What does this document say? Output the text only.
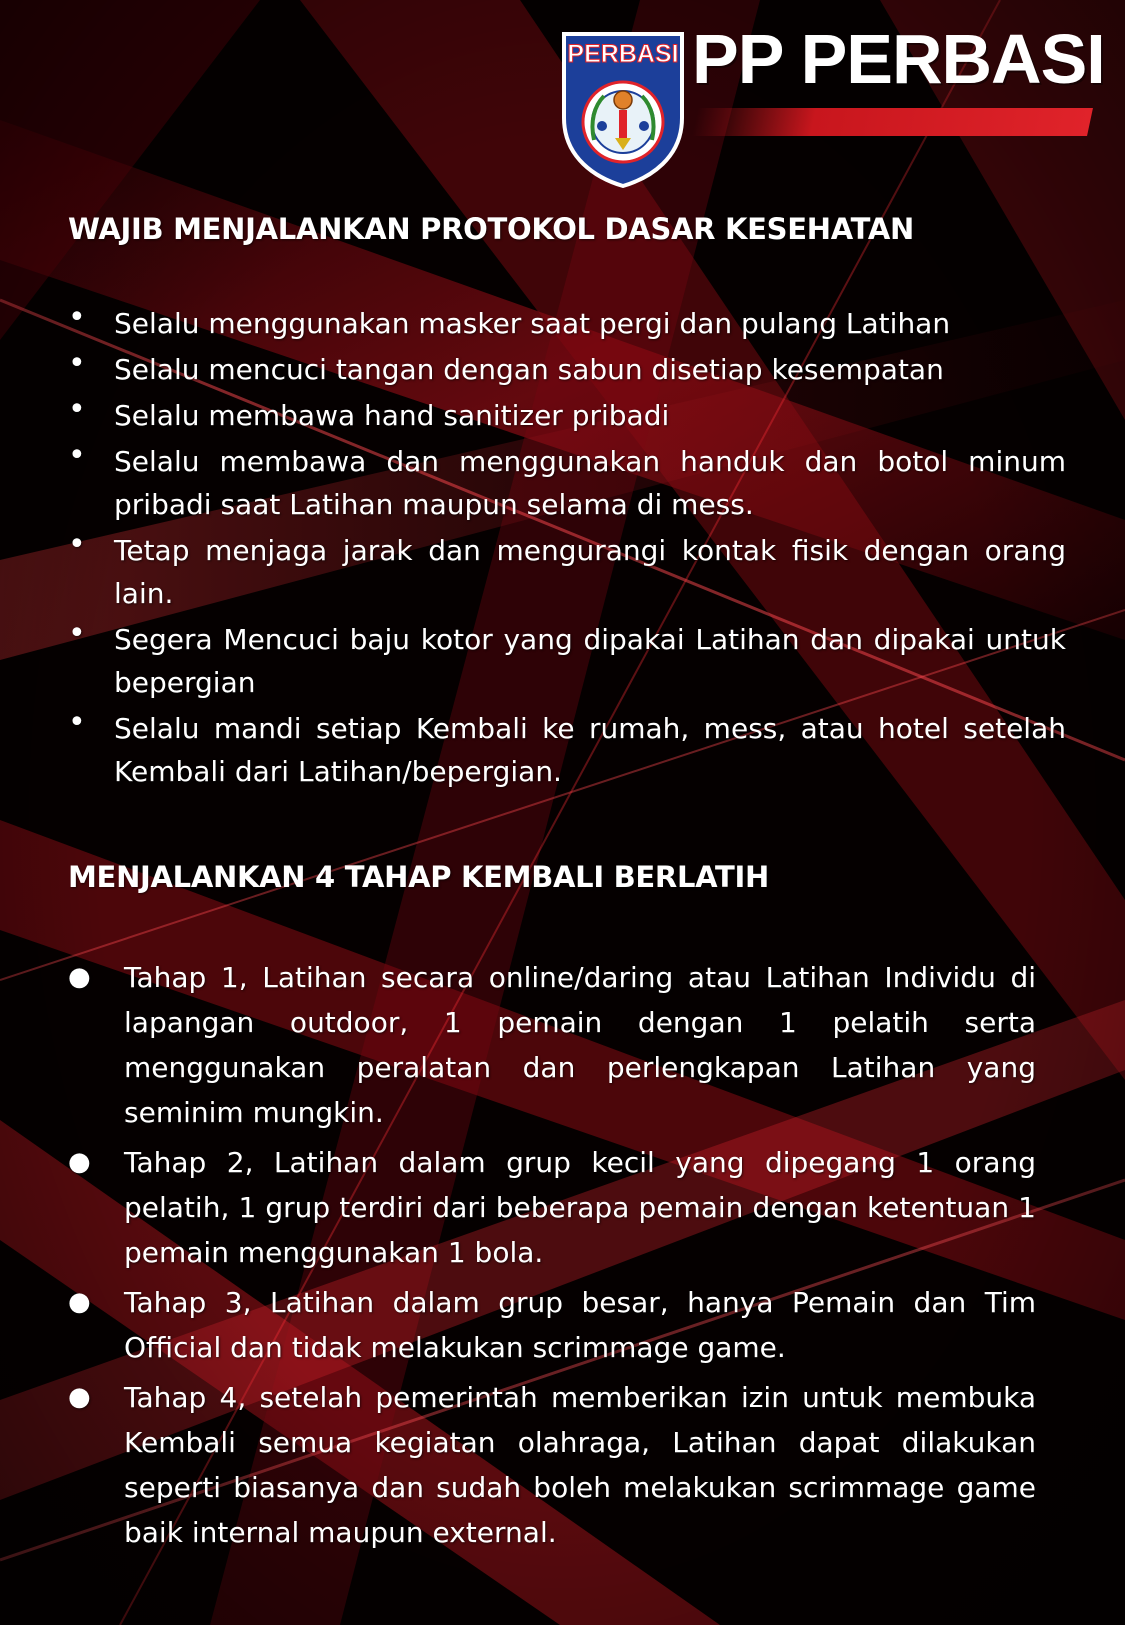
PERBASI PP PERBASI
WAJIB MENJALANKAN PROTOKOL DASAR KESEHATAN
• Selalu menggunakan masker saat pergi dan pulang Latihan
• Selalu mencuci tangan dengan sabun disetiap kesempatan
• Selalu membawa hand sanitizer pribadi
• Selalu membawa dan menggunakan handuk dan botol minum pribadi saat Latihan maupun selama di mess.
• Tetap menjaga jarak dan mengurangi kontak fisik dengan orang lain.
• Segera Mencuci baju kotor yang dipakai Latihan dan dipakai untuk bepergian
• Selalu mandi setiap Kembali ke rumah, mess, atau hotel setelah Kembali dari Latihan/bepergian.
MENJALANKAN 4 TAHAP KEMBALI BERLATIH
● Tahap 1, Latihan secara online/daring atau Latihan Individu di lapangan outdoor, 1 pemain dengan 1 pelatih serta menggunakan peralatan dan perlengkapan Latihan yang seminim mungkin.
● Tahap 2, Latihan dalam grup kecil yang dipegang 1 orang pelatih, 1 grup terdiri dari beberapa pemain dengan ketentuan 1 pemain menggunakan 1 bola.
● Tahap 3, Latihan dalam grup besar, hanya Pemain dan Tim Official dan tidak melakukan scrimmage game.
● Tahap 4, setelah pemerintah memberikan izin untuk membuka Kembali semua kegiatan olahraga, Latihan dapat dilakukan seperti biasanya dan sudah boleh melakukan scrimmage game baik internal maupun external.
